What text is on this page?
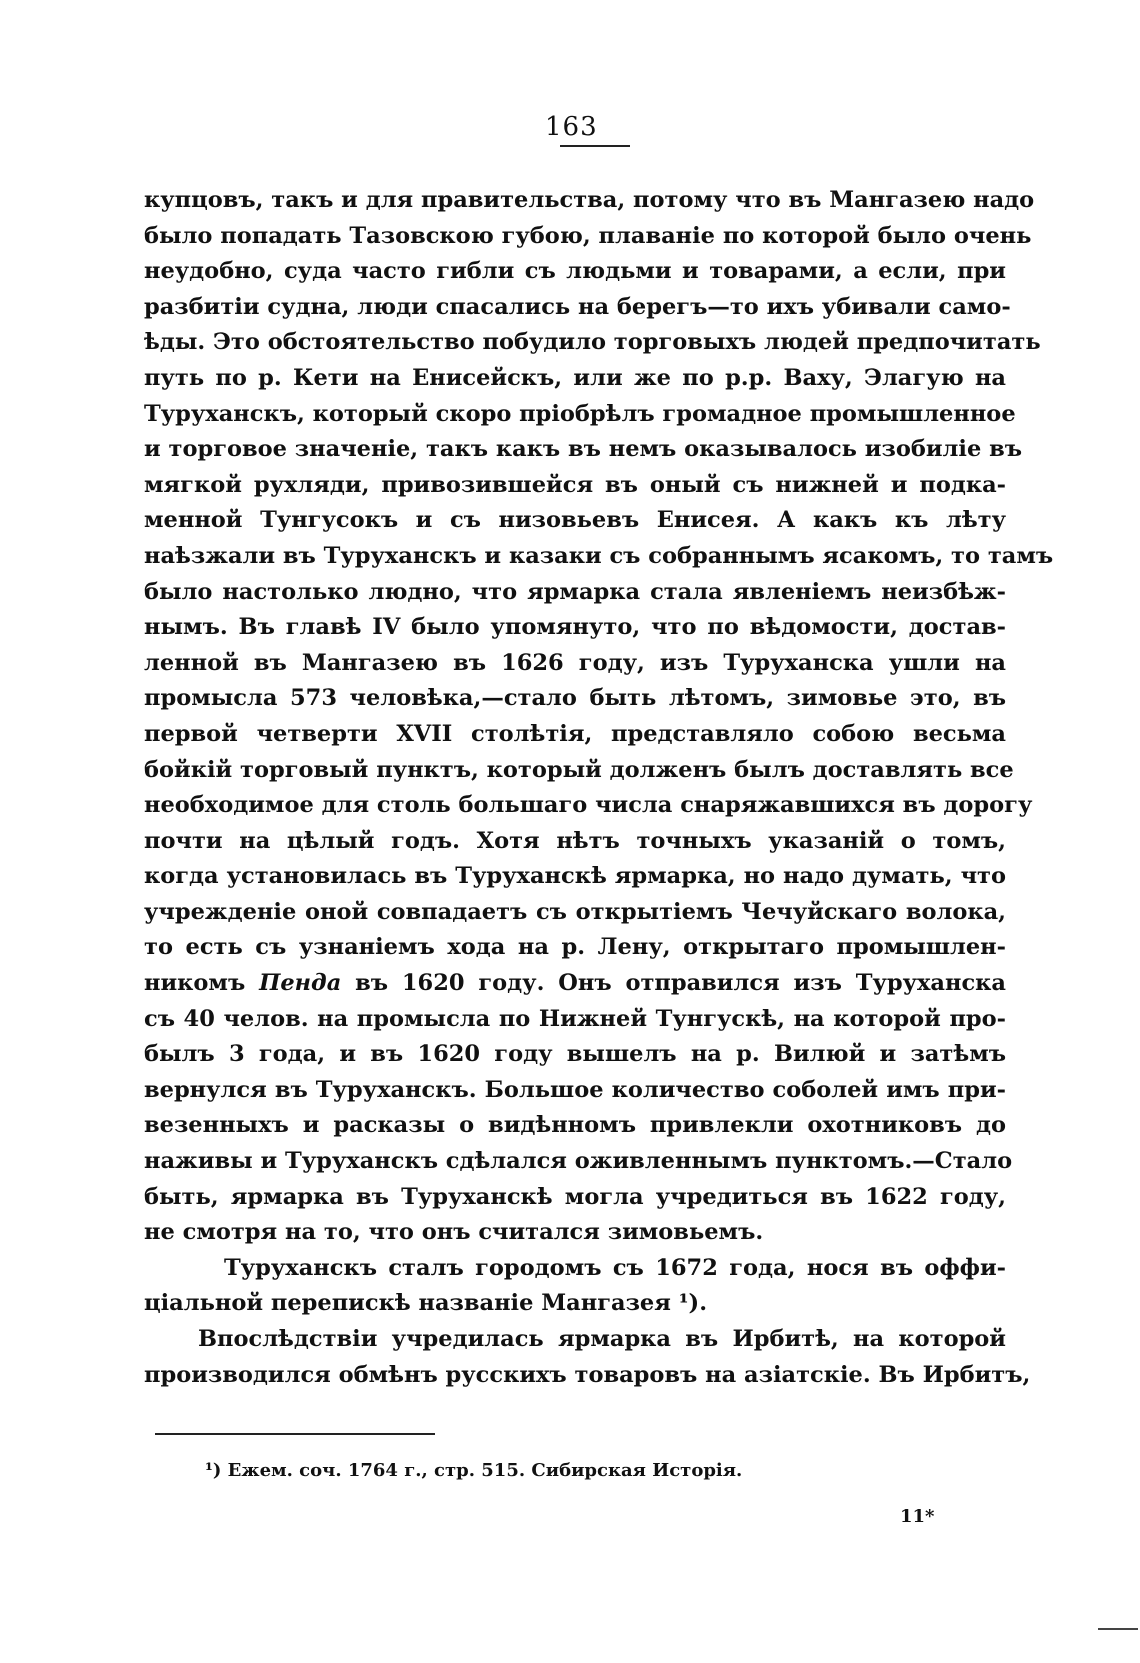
163
купцовъ, такъ и для правительства, потому что въ Мангазею надо
было попадать Тазовскою губою, плаваніе по которой было очень
неудобно, суда часто гибли съ людьми и товарами, а если, при
разбитіи судна, люди спасались на берегъ—то ихъ убивали само-
ѣды. Это обстоятельство побудило торговыхъ людей предпочитать
путь по р. Кети на Енисейскъ, или же по р.р. Ваху, Элагую на
Туруханскъ, который скоро пріобрѣлъ громадное промышленное
и торговое значеніе, такъ какъ въ немъ оказывалось изобиліе въ
мягкой рухляди, привозившейся въ оный съ нижней и подка-
менной Тунгусокъ и съ низовьевъ Енисея. А какъ къ лѣту
наѣзжали въ Туруханскъ и казаки съ собраннымъ ясакомъ, то тамъ
было настолько людно, что ярмарка стала явленіемъ неизбѣж-
нымъ. Въ главѣ IV было упомянуто, что по вѣдомости, достав-
ленной въ Мангазею въ 1626 году, изъ Туруханска ушли на
промысла 573 человѣка,—стало быть лѣтомъ, зимовье это, въ
первой четверти XVII столѣтія, представляло собою весьма
бойкій торговый пунктъ, который долженъ былъ доставлять все
необходимое для столь большаго числа снаряжавшихся въ дорогу
почти на цѣлый годъ. Хотя нѣтъ точныхъ указаній о томъ,
когда установилась въ Туруханскѣ ярмарка, но надо думать, что
учрежденіе оной совпадаетъ съ открытіемъ Чечуйскаго волока,
то есть съ узнаніемъ хода на р. Лену, открытаго промышлен-
никомъ Пенда въ 1620 году. Онъ отправился изъ Туруханска
съ 40 челов. на промысла по Нижней Тунгускѣ, на которой про-
былъ 3 года, и въ 1620 году вышелъ на р. Вилюй и затѣмъ
вернулся въ Туруханскъ. Большое количество соболей имъ при-
везенныхъ и расказы о видѣнномъ привлекли охотниковъ до
наживы и Туруханскъ сдѣлался оживленнымъ пунктомъ.—Стало
быть, ярмарка въ Туруханскѣ могла учредиться въ 1622 году,
не смотря на то, что онъ считался зимовьемъ.
Туруханскъ сталъ городомъ съ 1672 года, нося въ оффи-
ціальной перепискѣ названіе Мангазея ¹).
Впослѣдствіи учредилась ярмарка въ Ирбитѣ, на которой
производился обмѣнъ русскихъ товаровъ на азіатскіе. Въ Ирбитъ,
¹) Ежем. соч. 1764 г., стр. 515. Сибирская Исторія.
11*
